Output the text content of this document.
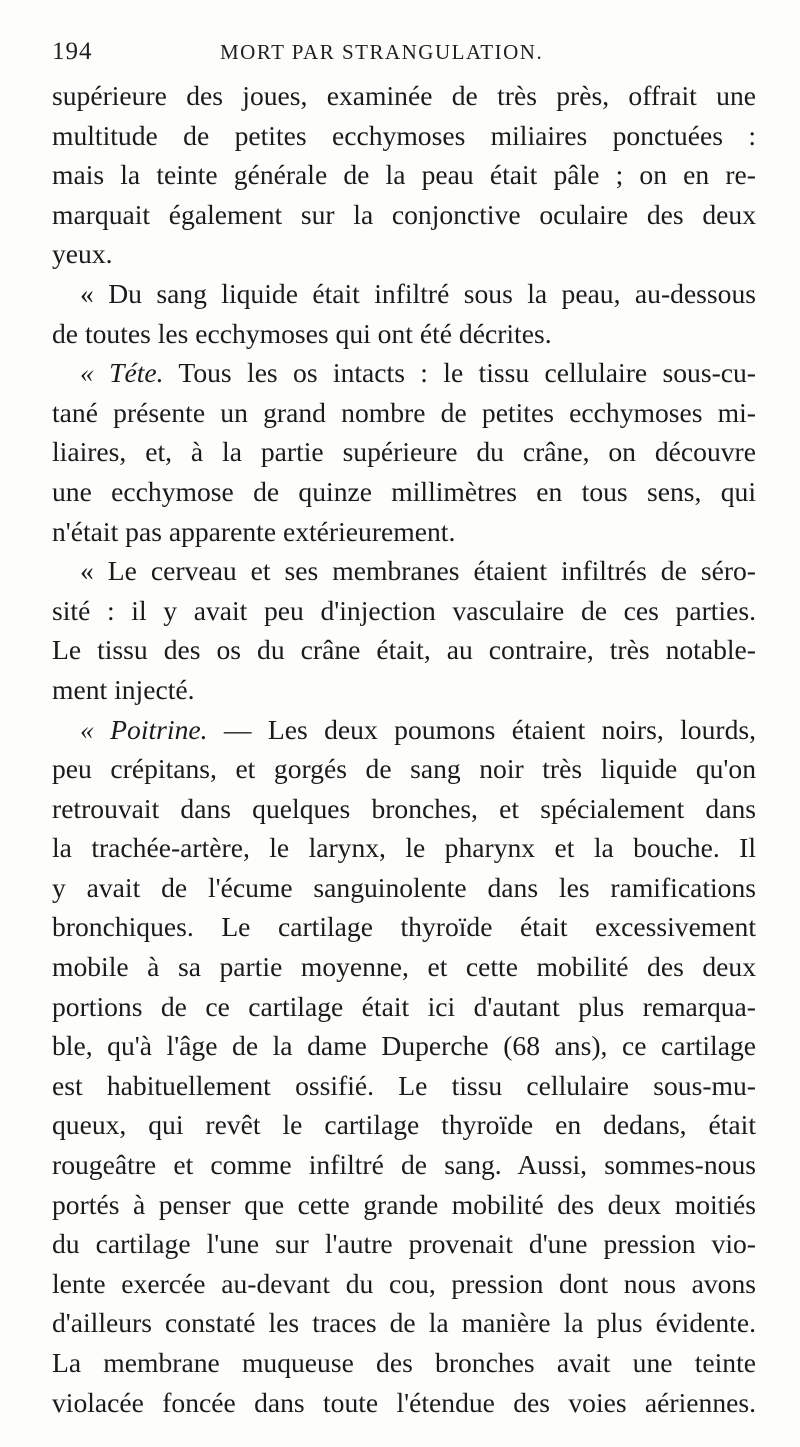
194	MORT PAR STRANGULATION.
supérieure des joues, examinée de très près, offrait une
multitude de petites ecchymoses miliaires ponctuées :
mais la teinte générale de la peau était pâle ; on en re-
marquait également sur la conjonctive oculaire des deux
yeux.
« Du sang liquide était infiltré sous la peau, au-dessous
de toutes les ecchymoses qui ont été décrites.
« Téte. Tous les os intacts : le tissu cellulaire sous-cu-
tané présente un grand nombre de petites ecchymoses mi-
liaires, et, à la partie supérieure du crâne, on découvre
une ecchymose de quinze millimètres en tous sens, qui
n'était pas apparente extérieurement.
« Le cerveau et ses membranes étaient infiltrés de séro-
sité : il y avait peu d'injection vasculaire de ces parties.
Le tissu des os du crâne était, au contraire, très notable-
ment injecté.
« Poitrine. — Les deux poumons étaient noirs, lourds,
peu crépitans, et gorgés de sang noir très liquide qu'on
retrouvait dans quelques bronches, et spécialement dans
la trachée-artère, le larynx, le pharynx et la bouche. Il
y avait de l'écume sanguinolente dans les ramifications
bronchiques. Le cartilage thyroïde était excessivement
mobile à sa partie moyenne, et cette mobilité des deux
portions de ce cartilage était ici d'autant plus remarqua-
ble, qu'à l'âge de la dame Duperche (68 ans), ce cartilage
est habituellement ossifié. Le tissu cellulaire sous-mu-
queux, qui revêt le cartilage thyroïde en dedans, était
rougeâtre et comme infiltré de sang. Aussi, sommes-nous
portés à penser que cette grande mobilité des deux moitiés
du cartilage l'une sur l'autre provenait d'une pression vio-
lente exercée au-devant du cou, pression dont nous avons
d'ailleurs constaté les traces de la manière la plus évidente.
La membrane muqueuse des bronches avait une teinte
violacée foncée dans toute l'étendue des voies aériennes.
